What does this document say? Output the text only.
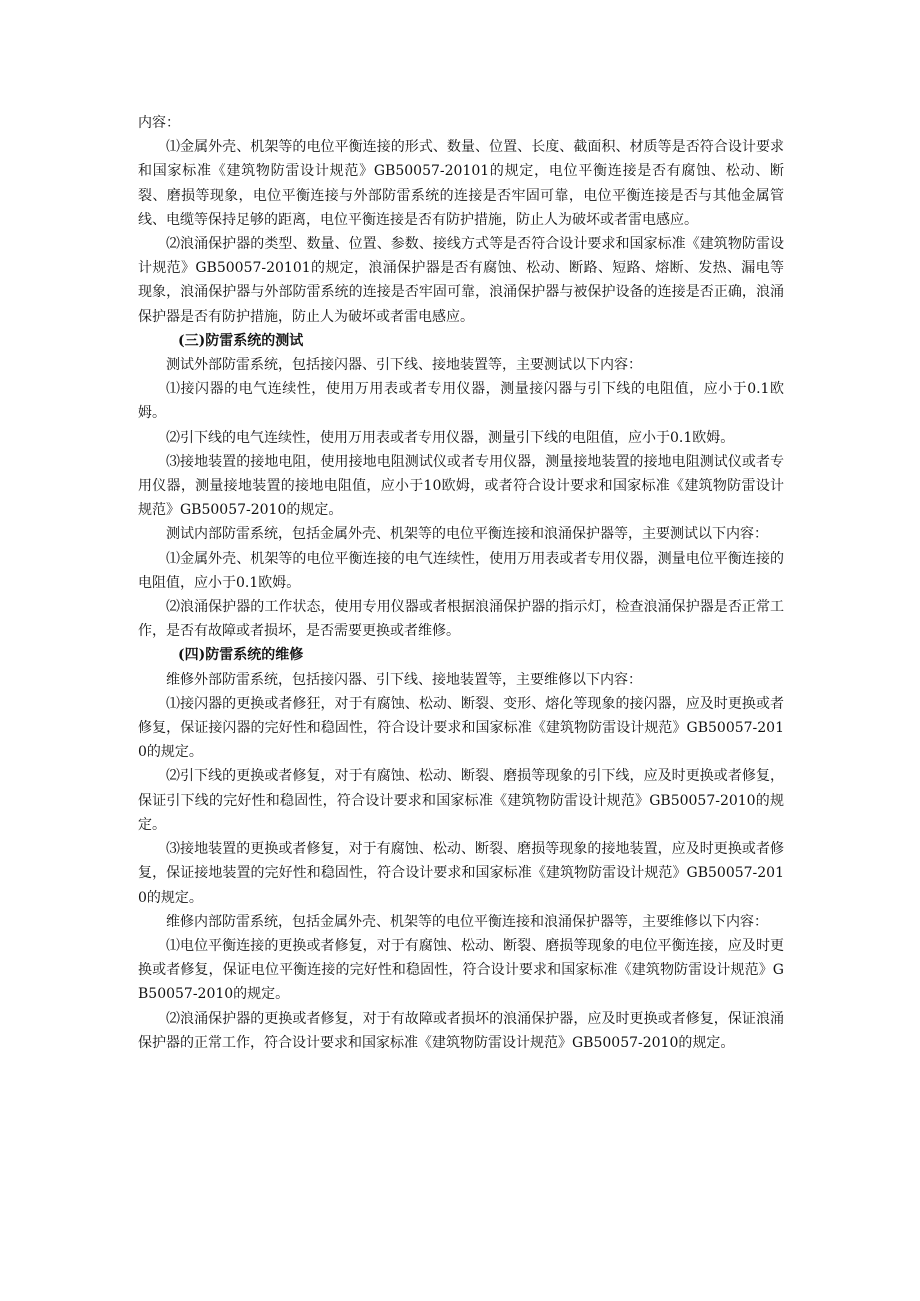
内容：

⑴金属外壳、机架等的电位平衡连接的形式、数量、位置、长度、截面积、材质等是否符合设计要求和国家标准《建筑物防雷设计规范》GB50057-20101的规定，电位平衡连接是否有腐蚀、松动、断裂、磨损等现象，电位平衡连接与外部防雷系统的连接是否牢固可靠，电位平衡连接是否与其他金属管线、电缆等保持足够的距离，电位平衡连接是否有防护措施，防止人为破坏或者雷电感应。

⑵浪涌保护器的类型、数量、位置、参数、接线方式等是否符合设计要求和国家标准《建筑物防雷设计规范》GB50057-20101的规定，浪涌保护器是否有腐蚀、松动、断路、短路、熔断、发热、漏电等现象，浪涌保护器与外部防雷系统的连接是否牢固可靠，浪涌保护器与被保护设备的连接是否正确，浪涌保护器是否有防护措施，防止人为破坏或者雷电感应。

(三)防雷系统的测试

测试外部防雷系统，包括接闪器、引下线、接地装置等，主要测试以下内容：

⑴接闪器的电气连续性，使用万用表或者专用仪器，测量接闪器与引下线的电阻值，应小于0.1欧姆。

⑵引下线的电气连续性，使用万用表或者专用仪器，测量引下线的电阻值，应小于0.1欧姆。

⑶接地装置的接地电阻，使用接地电阻测试仪或者专用仪器，测量接地装置的接地电阻测试仪或者专用仪器，测量接地装置的接地电阻值，应小于10欧姆，或者符合设计要求和国家标准《建筑物防雷设计规范》GB50057-2010的规定。

测试内部防雷系统，包括金属外壳、机架等的电位平衡连接和浪涌保护器等，主要测试以下内容：

⑴金属外壳、机架等的电位平衡连接的电气连续性，使用万用表或者专用仪器，测量电位平衡连接的电阻值，应小于0.1欧姆。

⑵浪涌保护器的工作状态，使用专用仪器或者根据浪涌保护器的指示灯，检查浪涌保护器是否正常工作，是否有故障或者损坏，是否需要更换或者维修。

(四)防雷系统的维修

维修外部防雷系统，包括接闪器、引下线、接地装置等，主要维修以下内容：

⑴接闪器的更换或者修狂，对于有腐蚀、松动、断裂、变形、熔化等现象的接闪器，应及时更换或者修复，保证接闪器的完好性和稳固性，符合设计要求和国家标准《建筑物防雷设计规范》GB50057-2010的规定。

⑵引下线的更换或者修复，对于有腐蚀、松动、断裂、磨损等现象的引下线，应及时更换或者修复，保证引下线的完好性和稳固性，符合设计要求和国家标准《建筑物防雷设计规范》GB50057-2010的规定。

⑶接地装置的更换或者修复，对于有腐蚀、松动、断裂、磨损等现象的接地装置，应及时更换或者修复，保证接地装置的完好性和稳固性，符合设计要求和国家标准《建筑物防雷设计规范》GB50057-2010的规定。

维修内部防雷系统，包括金属外壳、机架等的电位平衡连接和浪涌保护器等，主要维修以下内容：

⑴电位平衡连接的更换或者修复，对于有腐蚀、松动、断裂、磨损等现象的电位平衡连接，应及时更换或者修复，保证电位平衡连接的完好性和稳固性，符合设计要求和国家标准《建筑物防雷设计规范》GB50057-2010的规定。

⑵浪涌保护器的更换或者修复，对于有故障或者损坏的浪涌保护器，应及时更换或者修复，保证浪涌保护器的正常工作，符合设计要求和国家标准《建筑物防雷设计规范》GB50057-2010的规定。
